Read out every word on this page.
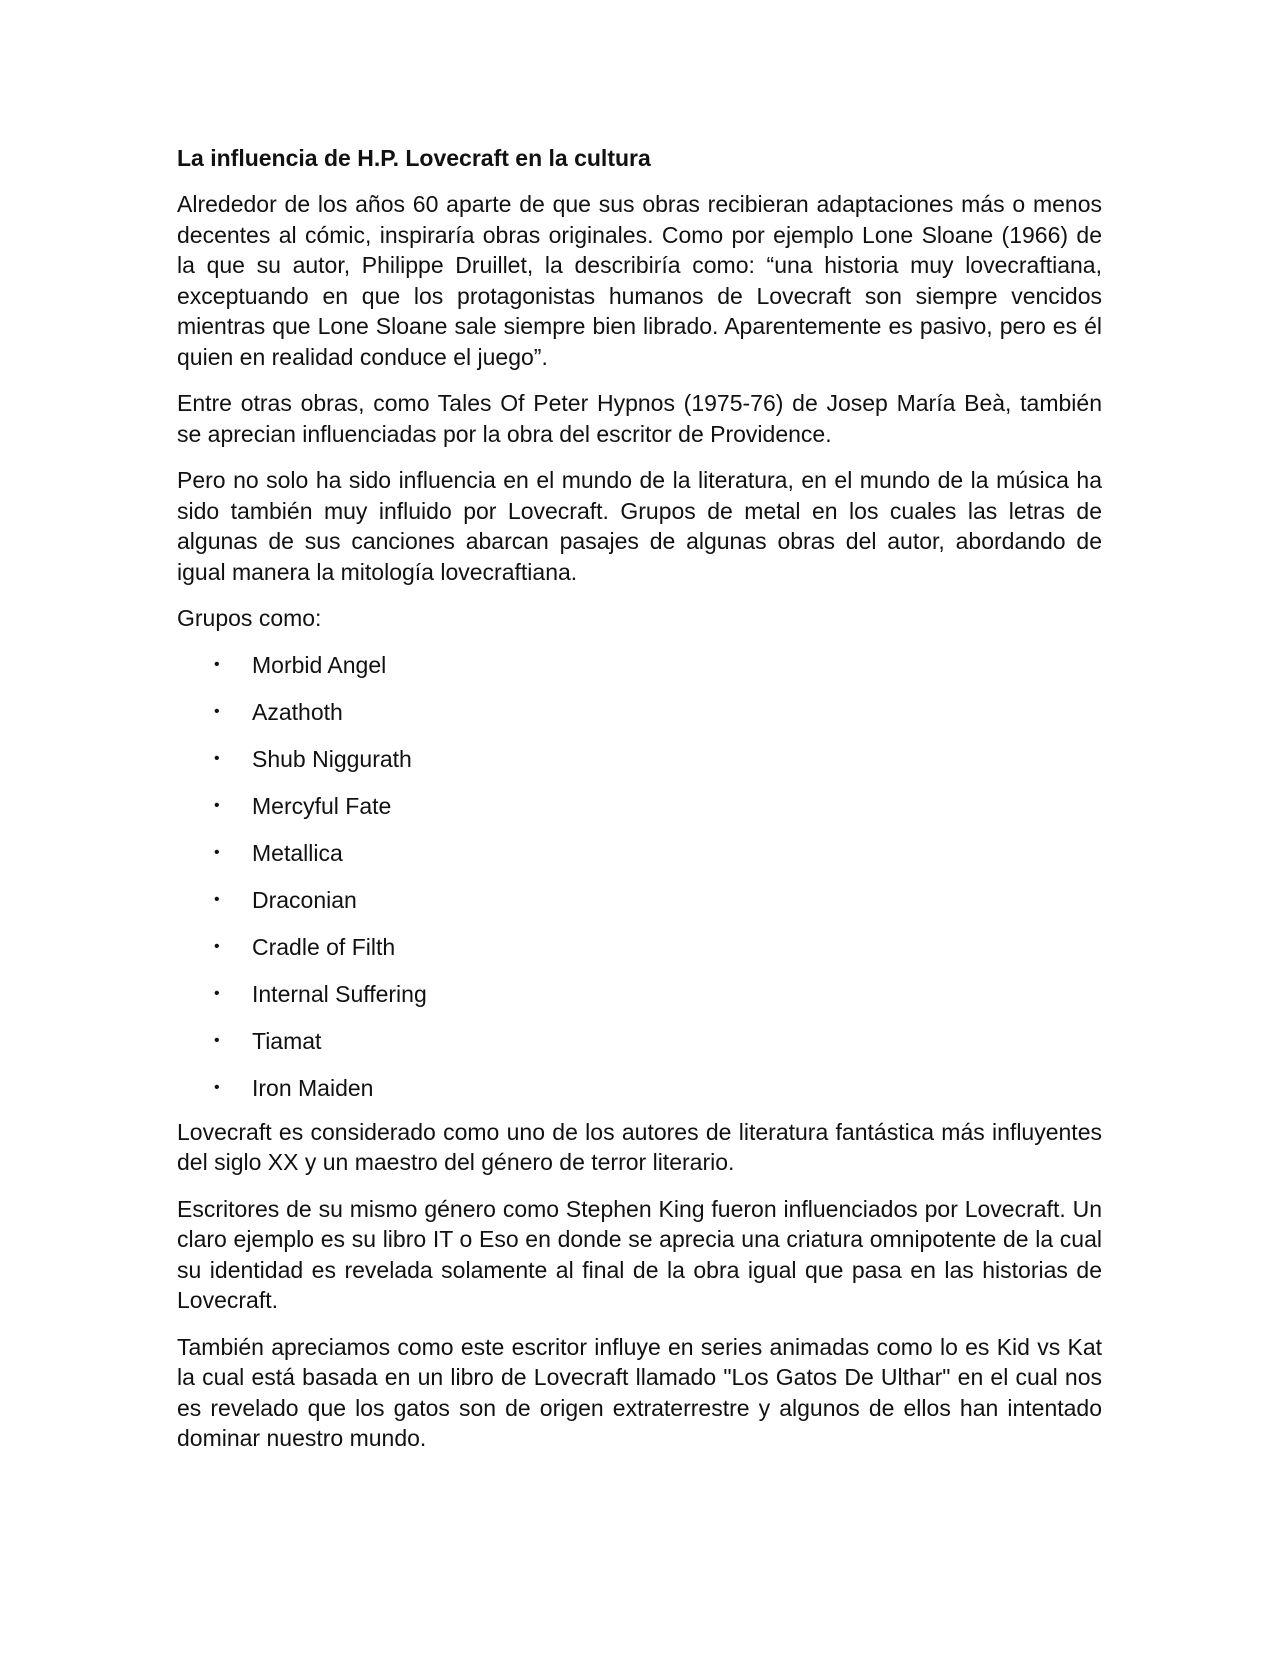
La influencia de H.P. Lovecraft en la cultura

Alrededor de los años 60 aparte de que sus obras recibieran adaptaciones más o menos decentes al cómic, inspiraría obras originales. Como por ejemplo Lone Sloane (1966) de la que su autor, Philippe Druillet, la describiría como: “una historia muy lovecraftiana, exceptuando en que los protagonistas humanos de Lovecraft son siempre vencidos mientras que Lone Sloane sale siempre bien librado. Aparentemente es pasivo, pero es él quien en realidad conduce el juego”.

Entre otras obras, como Tales Of Peter Hypnos (1975-76) de Josep María Beà, también se aprecian influenciadas por la obra del escritor de Providence.

Pero no solo ha sido influencia en el mundo de la literatura, en el mundo de la música ha sido también muy influido por Lovecraft. Grupos de metal en los cuales las letras de algunas de sus canciones abarcan pasajes de algunas obras del autor, abordando de igual manera la mitología lovecraftiana.

Grupos como:

• Morbid Angel
• Azathoth
• Shub Niggurath
• Mercyful Fate
• Metallica
• Draconian
• Cradle of Filth
• Internal Suffering
• Tiamat
• Iron Maiden

Lovecraft es considerado como uno de los autores de literatura fantástica más influyentes del siglo XX y un maestro del género de terror literario.

Escritores de su mismo género como Stephen King fueron influenciados por Lovecraft. Un claro ejemplo es su libro IT o Eso en donde se aprecia una criatura omnipotente de la cual su identidad es revelada solamente al final de la obra igual que pasa en las historias de Lovecraft.

También apreciamos como este escritor influye en series animadas como lo es Kid vs Kat la cual está basada en un libro de Lovecraft llamado "Los Gatos De Ulthar" en el cual nos es revelado que los gatos son de origen extraterrestre y algunos de ellos han intentado dominar nuestro mundo.
